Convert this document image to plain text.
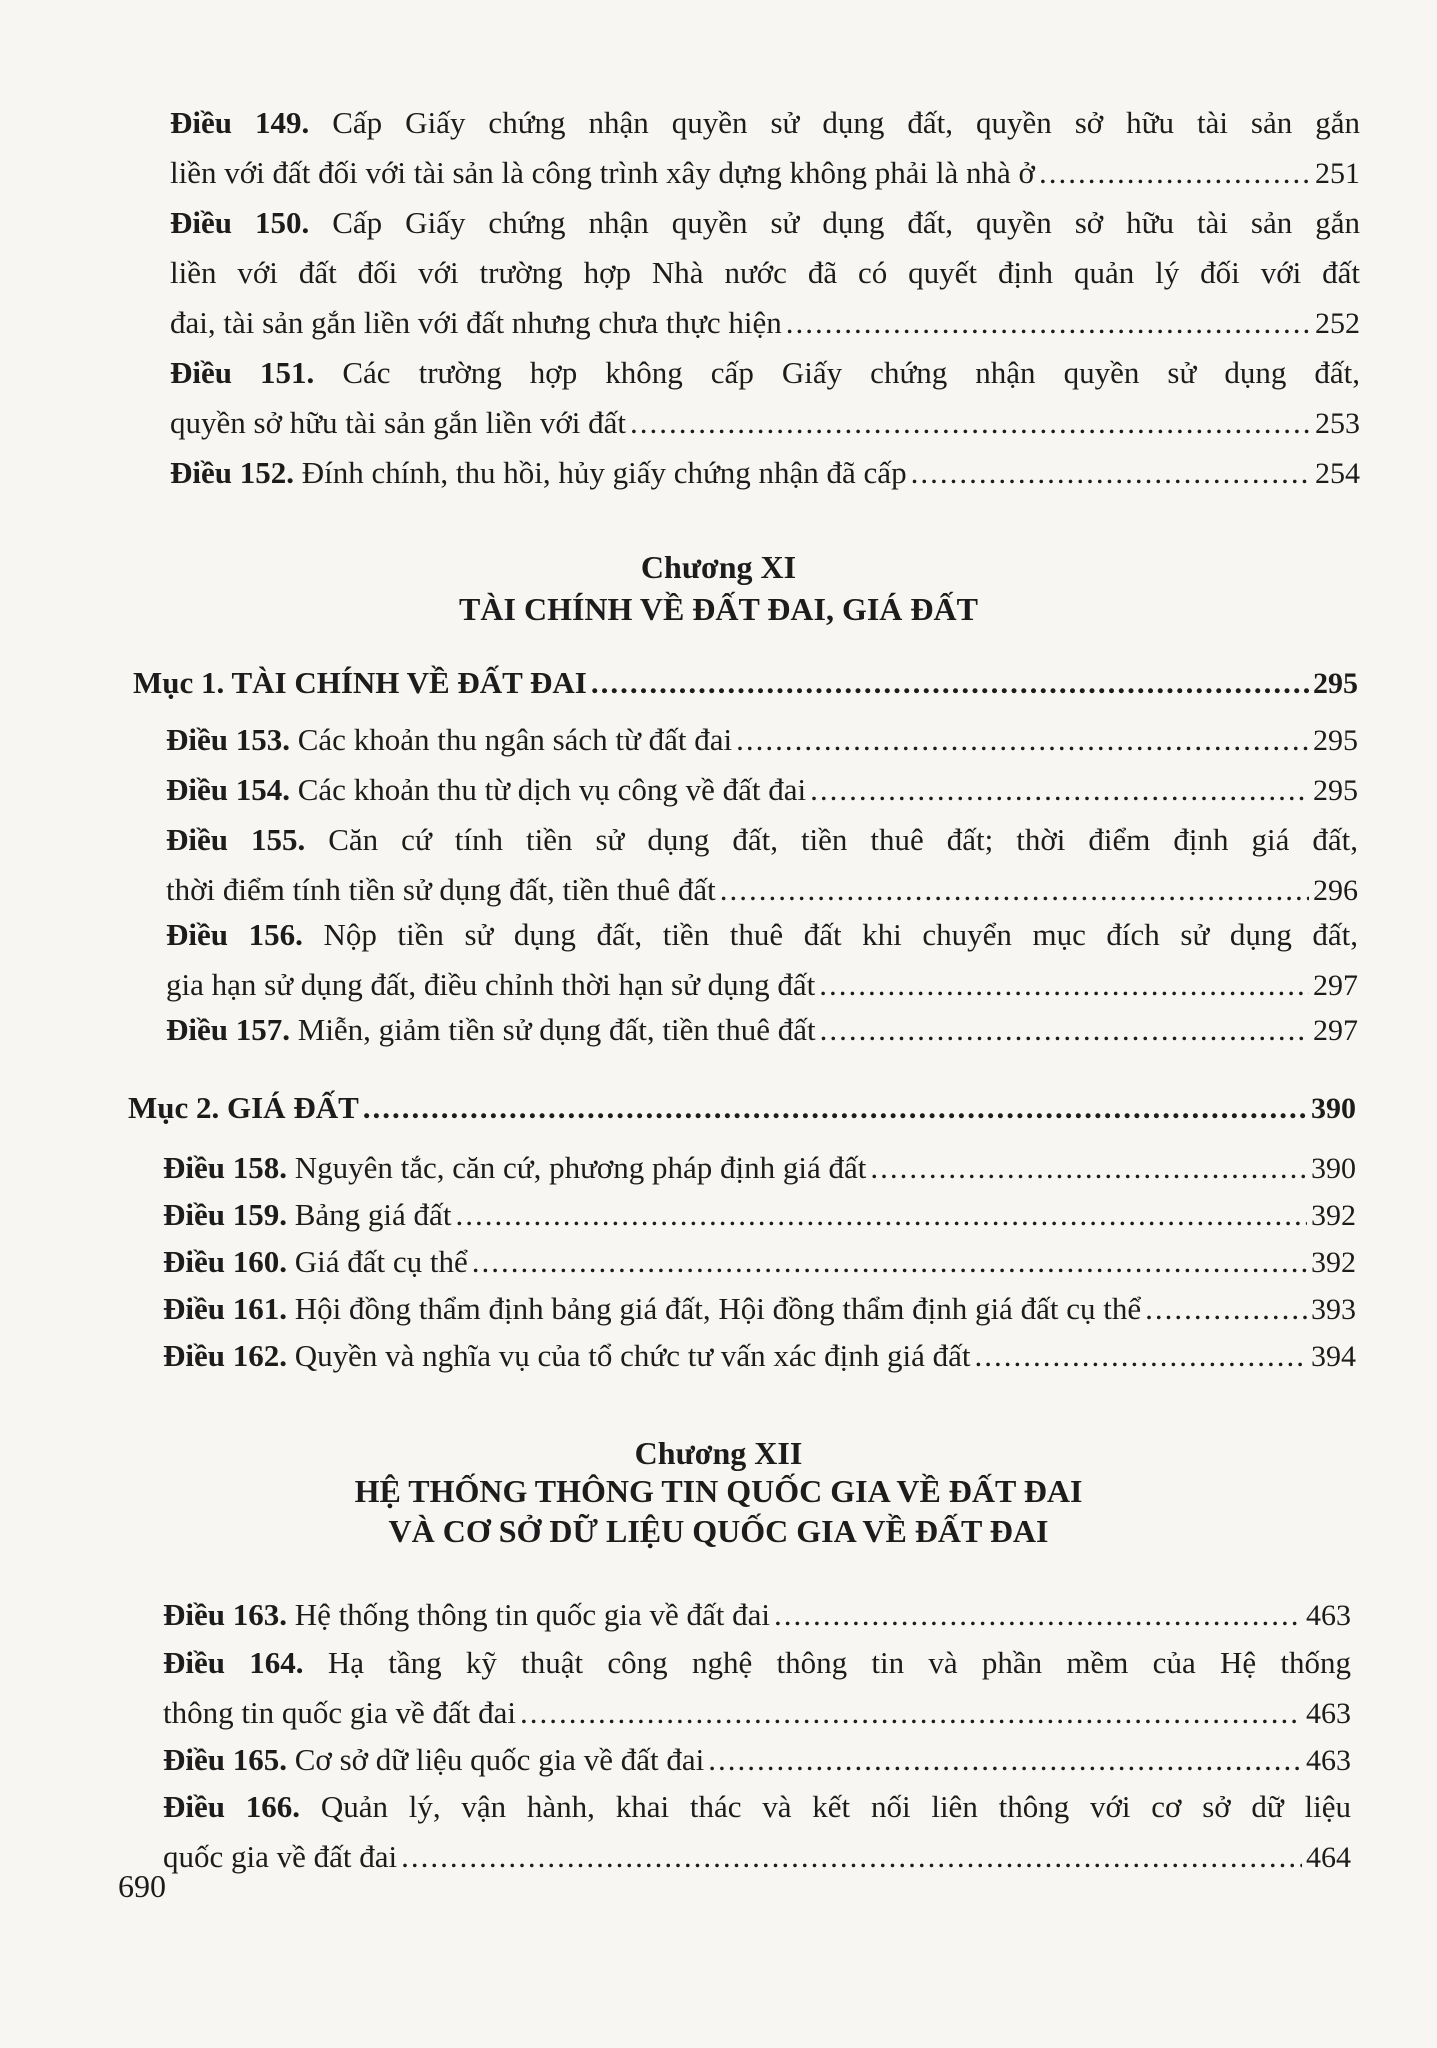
Điều 149. Cấp Giấy chứng nhận quyền sử dụng đất, quyền sở hữu tài sản gắn
liền với đất đối với tài sản là công trình xây dựng không phải là nhà ở .....	251
Điều 150. Cấp Giấy chứng nhận quyền sử dụng đất, quyền sở hữu tài sản gắn
liền với đất đối với trường hợp Nhà nước đã có quyết định quản lý đối với đất
đai, tài sản gắn liền với đất nhưng chưa thực hiện .....	252
Điều 151. Các trường hợp không cấp Giấy chứng nhận quyền sử dụng đất,
quyền sở hữu tài sản gắn liền với đất .....	253
Điều 152.
Đính chính, thu hồi, hủy giấy chứng nhận đã cấp .....	254
Chương XI
TÀI CHÍNH VỀ ĐẤT ĐAI, GIÁ ĐẤT
Mục 1. TÀI CHÍNH VỀ ĐẤT ĐAI .....	295
Điều 153.
Các khoản thu ngân sách từ đất đai .....	295
Điều 154.
Các khoản thu từ dịch vụ công về đất đai .....	295
Điều 155. Căn cứ tính tiền sử dụng đất, tiền thuê đất; thời điểm định giá đất,
thời điểm tính tiền sử dụng đất, tiền thuê đất .....	296
Điều 156. Nộp tiền sử dụng đất, tiền thuê đất khi chuyển mục đích sử dụng đất,
gia hạn sử dụng đất, điều chỉnh thời hạn sử dụng đất .....	297
Điều 157.
Miễn, giảm tiền sử dụng đất, tiền thuê đất .....	297
Mục 2. GIÁ ĐẤT .....	390
Điều 158.
Nguyên tắc, căn cứ, phương pháp định giá đất .....	390
Điều 159.
Bảng giá đất .....	392
Điều 160.
Giá đất cụ thể .....	392
Điều 161.
Hội đồng thẩm định bảng giá đất, Hội đồng thẩm định giá đất cụ thể .....	393
Điều 162.
Quyền và nghĩa vụ của tổ chức tư vấn xác định giá đất .....	394
Chương XII
HỆ THỐNG THÔNG TIN QUỐC GIA VỀ ĐẤT ĐAI
VÀ CƠ SỞ DỮ LIỆU QUỐC GIA VỀ ĐẤT ĐAI
Điều 163.
Hệ thống thông tin quốc gia về đất đai .....	463
Điều 164. Hạ tầng kỹ thuật công nghệ thông tin và phần mềm của Hệ thống
thông tin quốc gia về đất đai .....	463
Điều 165.
Cơ sở dữ liệu quốc gia về đất đai .....	463
Điều 166. Quản lý, vận hành, khai thác và kết nối liên thông với cơ sở dữ liệu
quốc gia về đất đai .....	464
690
